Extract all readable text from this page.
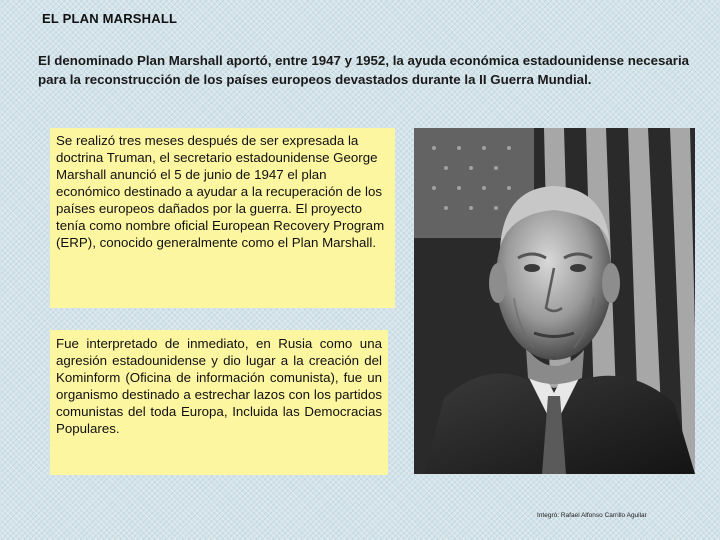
EL PLAN MARSHALL
El denominado Plan Marshall aportó, entre 1947 y 1952, la ayuda económica estadounidense necesaria para la reconstrucción de los países europeos devastados durante la II Guerra Mundial.
Se realizó tres meses después de ser expresada la doctrina Truman, el secretario estadounidense George Marshall anunció el 5 de junio de 1947 el plan económico destinado a ayudar a la recuperación de los países europeos dañados por la guerra. El proyecto tenía como nombre oficial European Recovery Program (ERP), conocido generalmente como el Plan Marshall.
Fue interpretado de inmediato, en Rusia como una agresión estadounidense y dio lugar a la creación del Kominform (Oficina de información comunista), fue un organismo destinado a estrechar lazos con los partidos comunistas del toda Europa, Incluida las Democracias Populares.
Integró: Rafael Alfonso Carrillo Aguilar
